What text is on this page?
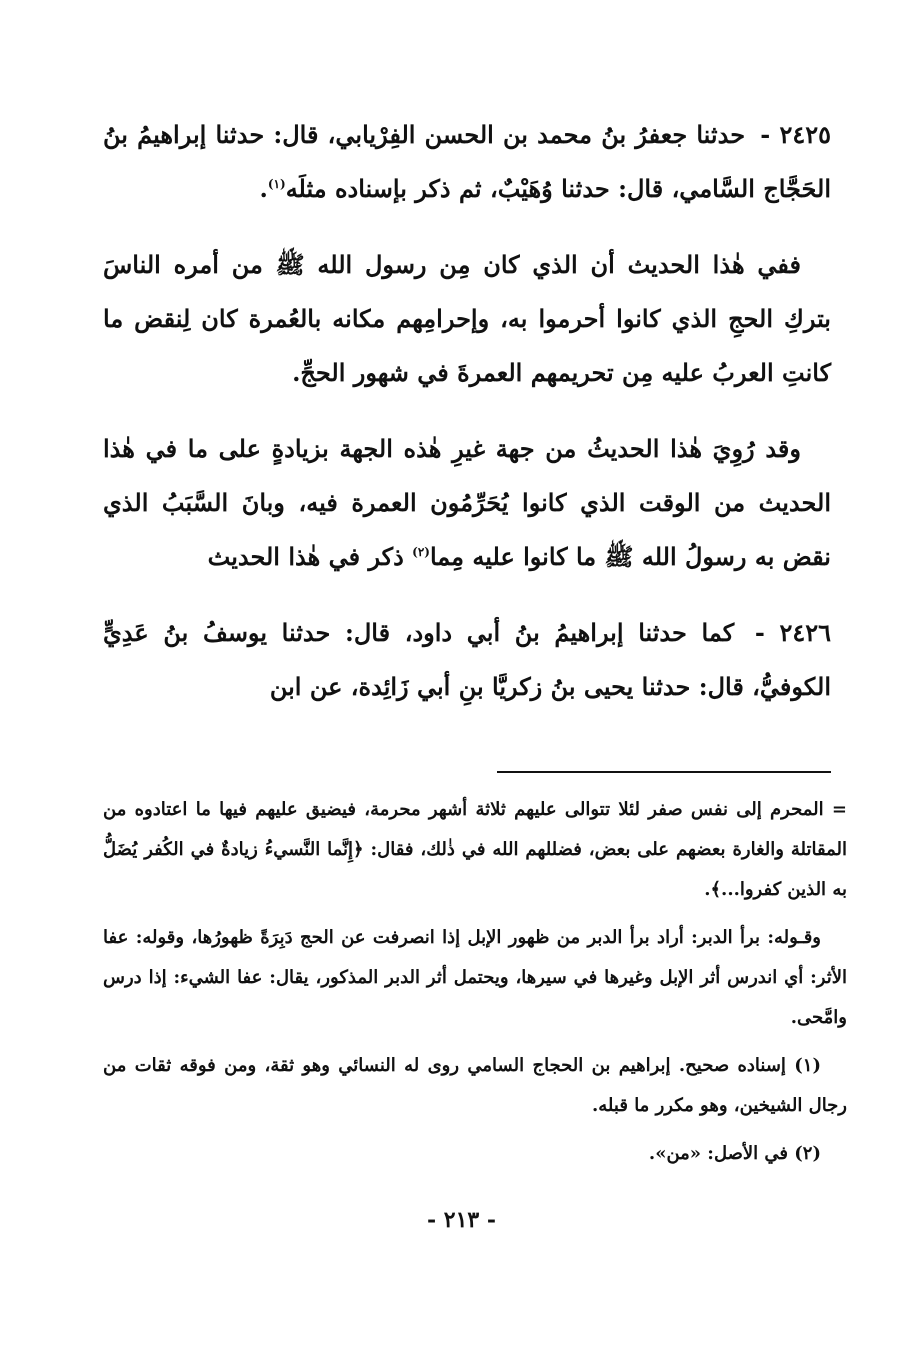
٢٤٢٥ - حدثنا جعفرُ بنُ محمد بن الحسن الفِرْيابي، قال: حدثنا إبراهيمُ بنُ الحَجَّاج السَّامي، قال: حدثنا وُهَيْبٌ، ثم ذكر بإسناده مثلَه$^{(١)}$.

ففي هٰذا الحديث أن الذي كان مِن رسول الله ﷺ من أمره الناسَ بتركِ الحجِ الذي كانوا أحرموا به، وإحرامِهم مكانه بالعُمرة كان لِنقض ما كانتِ العربُ عليه مِن تحريمهم العمرةَ في شهور الحجِّ.

وقد رُوِيَ هٰذا الحديثُ من جهة غيرِ هٰذه الجهة بزيادةٍ على ما في هٰذا الحديث من الوقت الذي كانوا يُحَرِّمُون العمرة فيه، وبانَ السَّبَبُ الذي نقض به رسولُ الله ﷺ ما كانوا عليه مِما$^{(٢)}$ ذكر في هٰذا الحديث

٢٤٢٦ - كما حدثنا إبراهيمُ بنُ أبي داود، قال: حدثنا يوسفُ بنُ عَدِيٍّ الكوفيُّ، قال: حدثنا يحيى بنُ زكريَّا بنِ أبي زَائِدة، عن ابن

= المحرم إلى نفس صفر لئلا تتوالى عليهم ثلاثة أشهر محرمة، فيضيق عليهم فيها ما اعتادوه من المقاتلة والغارة بعضهم على بعض، فضللهم الله في ذٰلك، فقال: ﴿إِنَّما النَّسيءُ زيادةٌ في الكُفر يُضَلُّ به الذين كفروا...﴾.

وقـوله: برأ الدبر: أراد برأ الدبر من ظهور الإبل إذا انصرفت عن الحج دَبِرَةً ظهورُها، وقوله: عفا الأثر: أي اندرس أثر الإبل وغيرها في سيرها، ويحتمل أثر الدبر المذكور، يقال: عفا الشيء: إذا درس وامَّحى.

(١) إسناده صحيح. إبراهيم بن الحجاج السامي روى له النسائي وهو ثقة، ومن فوقه ثقات من رجال الشيخين، وهو مكرر ما قبله.

(٢) في الأصل: «من».

- ٢١٣ -
